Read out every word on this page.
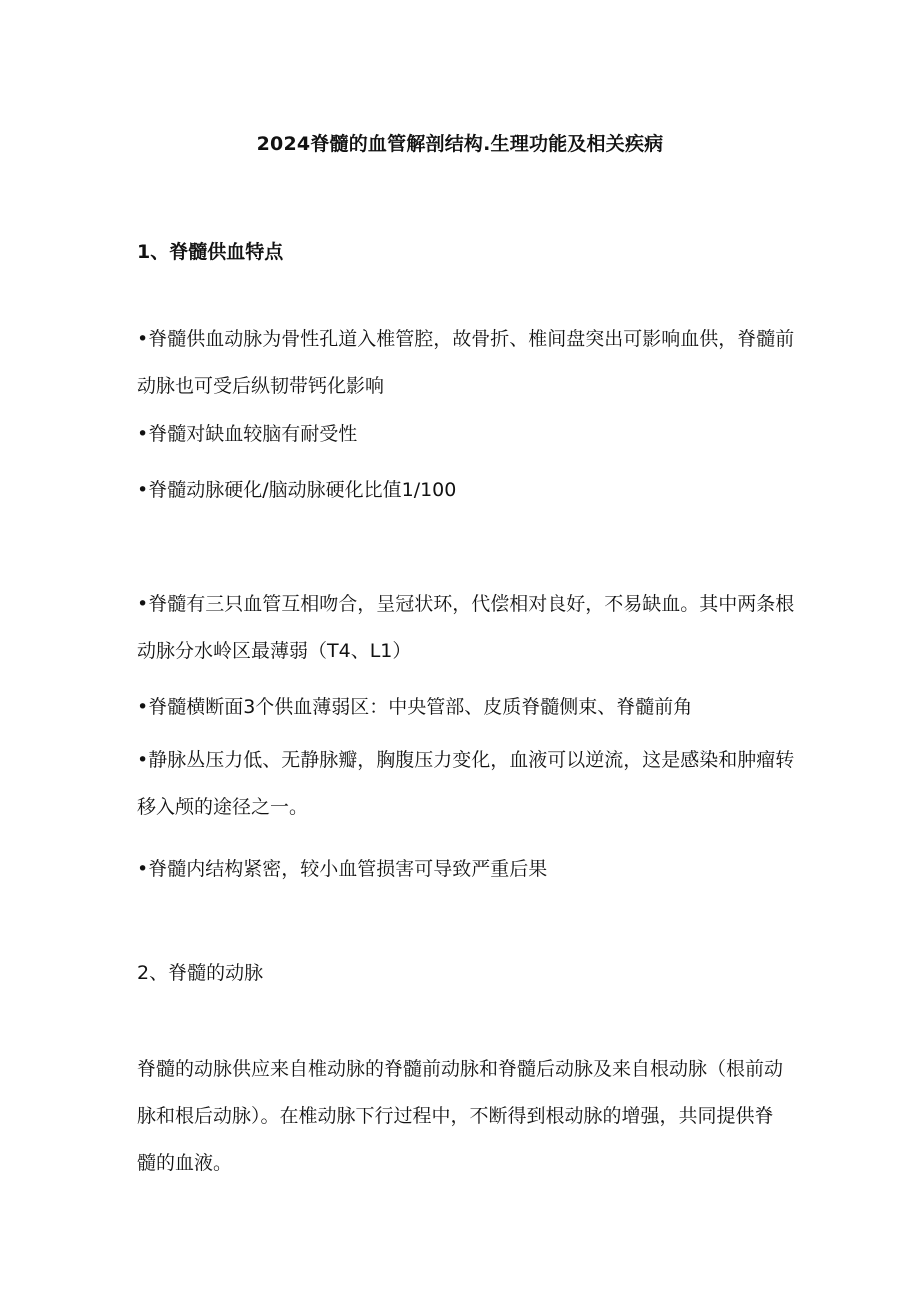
2024脊髓的血管解剖结构.生理功能及相关疾病
1、脊髓供血特点
•脊髓供血动脉为骨性孔道入椎管腔，故骨折、椎间盘突出可影响血供，脊髓前动脉也可受后纵韧带钙化影响
•脊髓对缺血较脑有耐受性
•脊髓动脉硬化/脑动脉硬化比值1/100
•脊髓有三只血管互相吻合，呈冠状环，代偿相对良好，不易缺血。其中两条根动脉分水岭区最薄弱（T4、L1）
•脊髓横断面3个供血薄弱区：中央管部、皮质脊髓侧束、脊髓前角
•静脉丛压力低、无静脉瓣，胸腹压力变化，血液可以逆流，这是感染和肿瘤转移入颅的途径之一。
•脊髓内结构紧密，较小血管损害可导致严重后果
2、脊髓的动脉
脊髓的动脉供应来自椎动脉的脊髓前动脉和脊髓后动脉及来自根动脉（根前动脉和根后动脉）。在椎动脉下行过程中，不断得到根动脉的增强，共同提供脊髓的血液。
